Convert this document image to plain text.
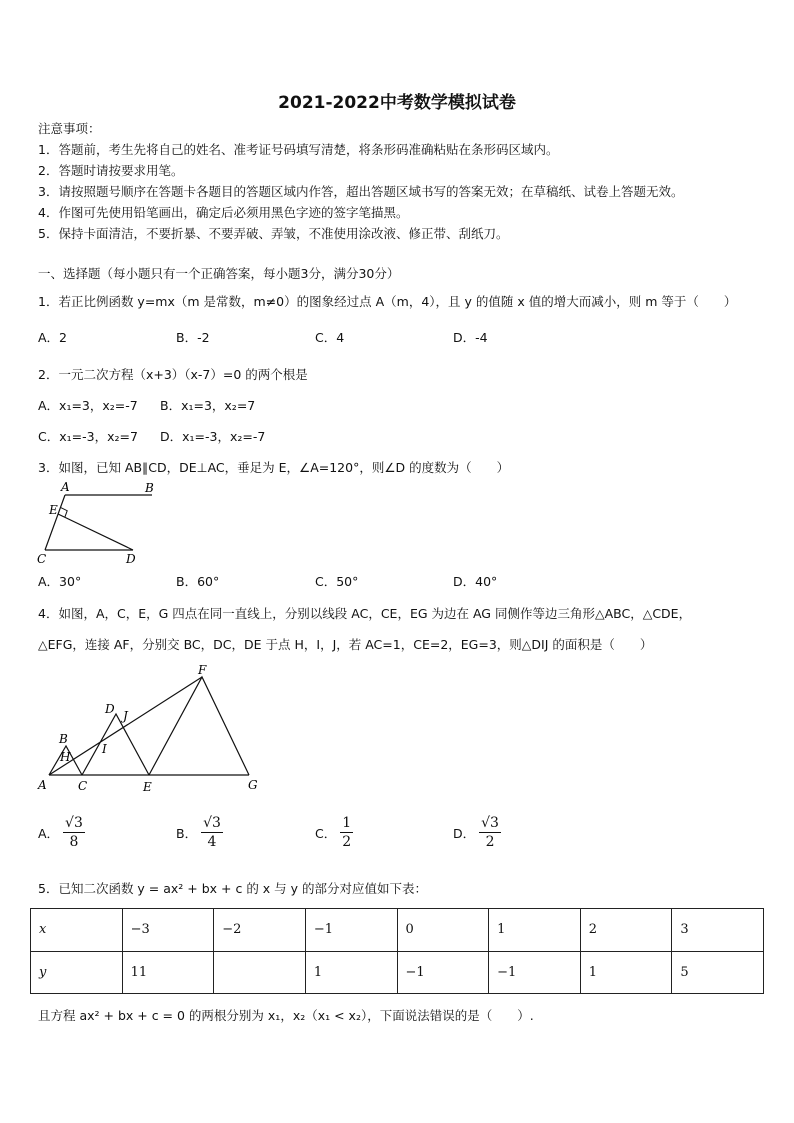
2021-2022中考数学模拟试卷
注意事项：
1．答题前，考生先将自己的姓名、准考证号码填写清楚，将条形码准确粘贴在条形码区域内。
2．答题时请按要求用笔。
3．请按照题号顺序在答题卡各题目的答题区域内作答，超出答题区域书写的答案无效；在草稿纸、试卷上答题无效。
4．作图可先使用铅笔画出，确定后必须用黑色字迹的签字笔描黑。
5．保持卡面清洁，不要折暴、不要弄破、弄皱，不准使用涂改液、修正带、刮纸刀。
一、选择题（每小题只有一个正确答案，每小题3分，满分30分）
1．若正比例函数 y=mx（m 是常数，m≠0）的图象经过点 A（m，4），且 y 的值随 x 值的增大而减小，则 m 等于（　　）
A．2	B．-2	C．4	D．-4
2．一元二次方程（x+3）（x-7）=0 的两个根是
A．x₁=3，x₂=-7 B．x₁=3，x₂=7
C．x₁=-3，x₂=7 D．x₁=-3，x₂=-7
3．如图，已知 AB∥CD，DE⊥AC，垂足为 E，∠A=120°，则∠D 的度数为（　　）
A	B
E
C	D
A．30°	B．60°	C．50°	D．40°
4．如图，A，C，E，G 四点在同一直线上，分别以线段 AC，CE，EG 为边在 AG 同侧作等边三角形△ABC，△CDE，
△EFG，连接 AF，分别交 BC，DC，DE 于点 H，I，J，若 AC=1，CE=2，EG=3，则△DIJ 的面积是（　　）
F
D J
B
I
H
A	C	E	G
A． $\frac{√3}{8}$	B． $\frac{√3}{4}$	C． $\frac{1}{2}$	D． $\frac{√3}{2}$
5．已知二次函数 y = ax² + bx + c 的 x 与 y 的部分对应值如下表：
x	−3	−2	−1	0	1	2	3
y	11		1	−1	−1	1	5
且方程 ax² + bx + c = 0 的两根分别为 x₁，x₂（x₁ < x₂），下面说法错误的是（　　）.
